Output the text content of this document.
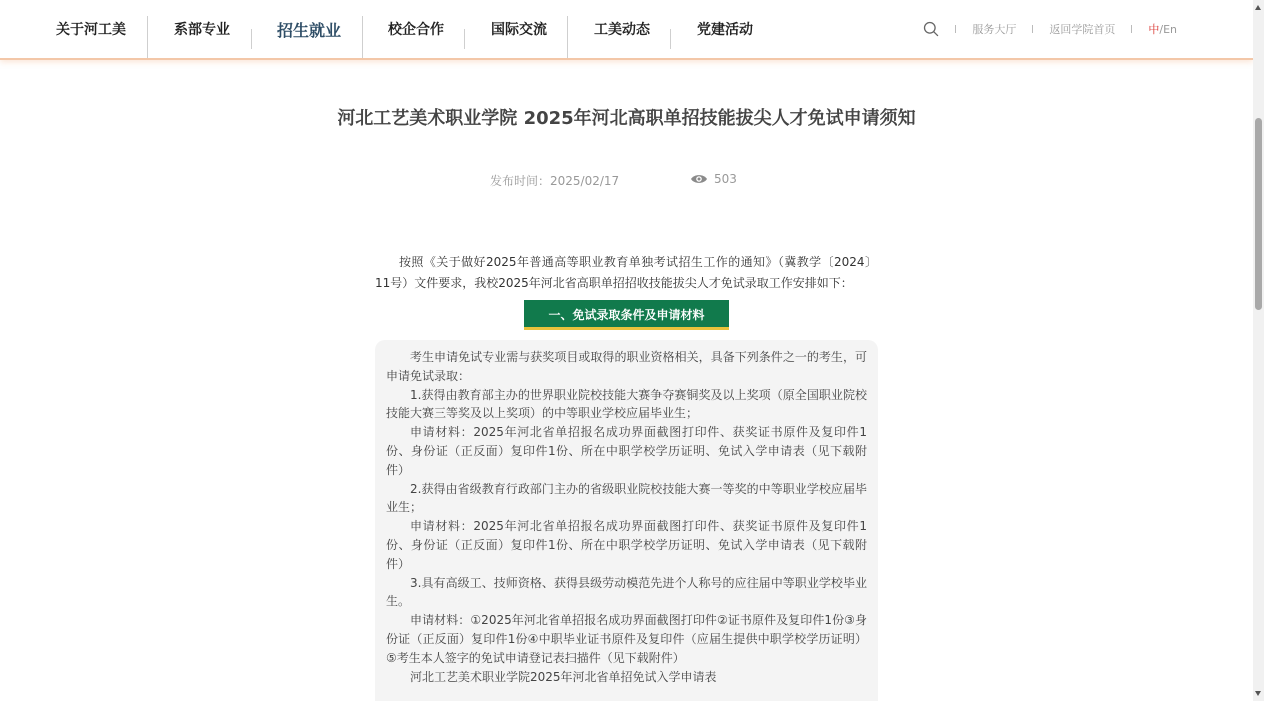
关于河工美	系部专业	招生就业	校企合作	国际交流	工美动态	党建活动	服务大厅	返回学院首页	中/En
河北工艺美术职业学院 2025年河北高职单招技能拔尖人才免试申请须知
发布时间：2025/02/17	503

按照《关于做好2025年普通高等职业教育单独考试招生工作的通知》（冀教学〔2024〕11号）文件要求，我校2025年河北省高职单招招收技能拔尖人才免试录取工作安排如下：

一、免试录取条件及申请材料

考生申请免试专业需与获奖项目或取得的职业资格相关，具备下列条件之一的考生，可申请免试录取：

1.获得由教育部主办的世界职业院校技能大赛争夺赛铜奖及以上奖项（原全国职业院校技能大赛三等奖及以上奖项）的中等职业学校应届毕业生；

申请材料：2025年河北省单招报名成功界面截图打印件、获奖证书原件及复印件1份、身份证（正反面）复印件1份、所在中职学校学历证明、免试入学申请表（见下载附件）

2.获得由省级教育行政部门主办的省级职业院校技能大赛一等奖的中等职业学校应届毕业生；

申请材料：2025年河北省单招报名成功界面截图打印件、获奖证书原件及复印件1份、身份证（正反面）复印件1份、所在中职学校学历证明、免试入学申请表（见下载附件）

3.具有高级工、技师资格、获得县级劳动模范先进个人称号的应往届中等职业学校毕业生。

申请材料：①2025年河北省单招报名成功界面截图打印件②证书原件及复印件1份③身份证（正反面）复印件1份④中职毕业证书原件及复印件（应届生提供中职学校学历证明）⑤考生本人签字的免试申请登记表扫描件（见下载附件）

河北工艺美术职业学院2025年河北省单招免试入学申请表
